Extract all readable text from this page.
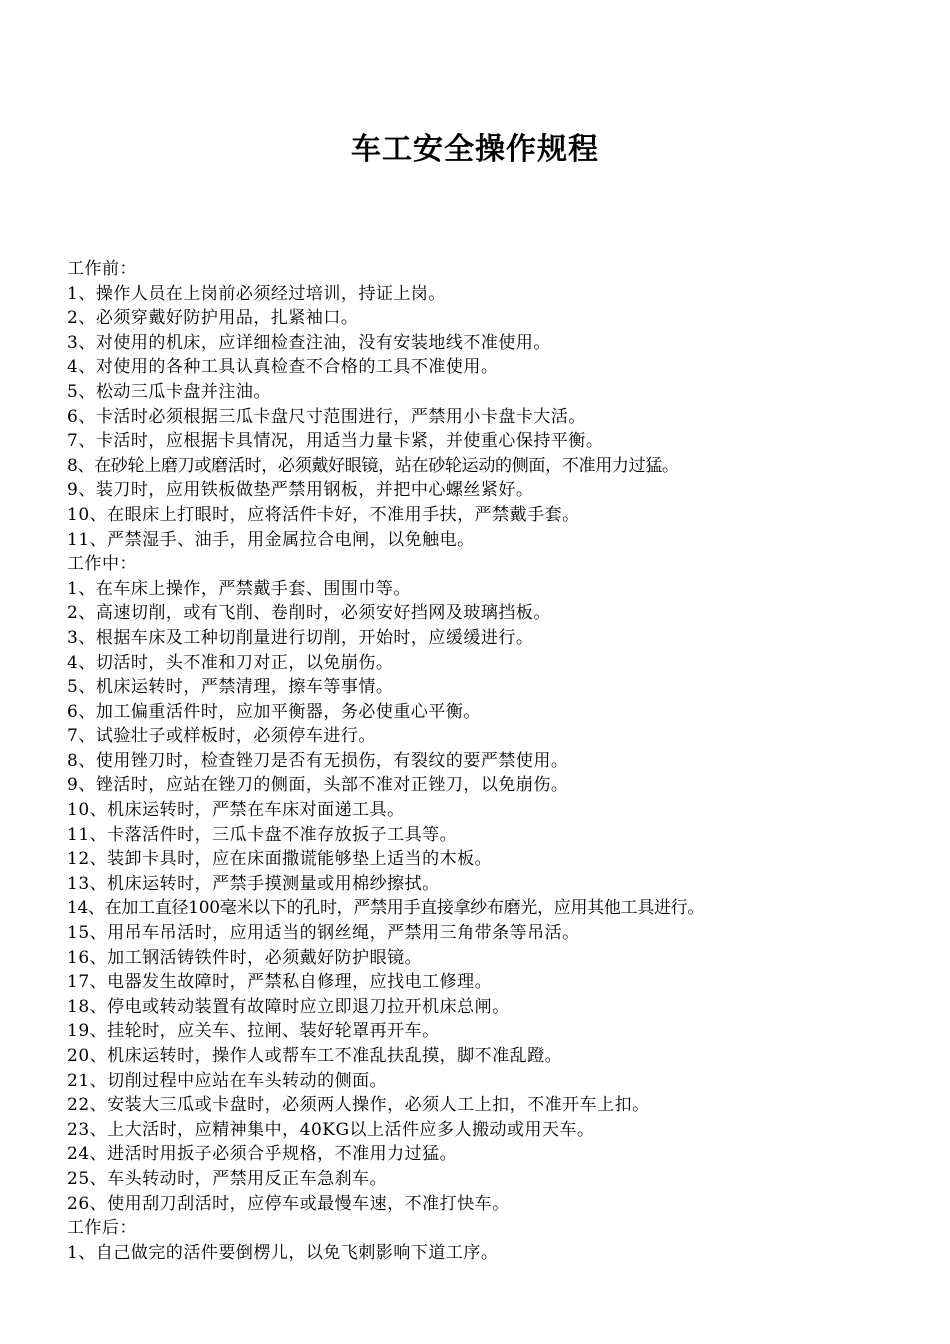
车工安全操作规程
工作前：
1、操作人员在上岗前必须经过培训，持证上岗。
2、必须穿戴好防护用品，扎紧袖口。
3、对使用的机床，应详细检查注油，没有安装地线不准使用。
4、对使用的各种工具认真检查不合格的工具不准使用。
5、松动三瓜卡盘并注油。
6、卡活时必须根据三瓜卡盘尺寸范围进行，严禁用小卡盘卡大活。
7、卡活时，应根据卡具情况，用适当力量卡紧，并使重心保持平衡。
8、在砂轮上磨刀或磨活时，必须戴好眼镜，站在砂轮运动的侧面，不准用力过猛。
9、装刀时，应用铁板做垫严禁用钢板，并把中心螺丝紧好。
10、在眼床上打眼时，应将活件卡好，不准用手扶，严禁戴手套。
11、严禁湿手、油手，用金属拉合电闸，以免触电。
工作中：
1、在车床上操作，严禁戴手套、围围巾等。
2、高速切削，或有飞削、卷削时，必须安好挡网及玻璃挡板。
3、根据车床及工种切削量进行切削，开始时，应缓缓进行。
4、切活时，头不准和刀对正，以免崩伤。
5、机床运转时，严禁清理，擦车等事情。
6、加工偏重活件时，应加平衡器，务必使重心平衡。
7、试验壮子或样板时，必须停车进行。
8、使用锉刀时，检查锉刀是否有无损伤，有裂纹的要严禁使用。
9、锉活时，应站在锉刀的侧面，头部不准对正锉刀，以免崩伤。
10、机床运转时，严禁在车床对面递工具。
11、卡落活件时，三瓜卡盘不准存放扳子工具等。
12、装卸卡具时，应在床面撒谎能够垫上适当的木板。
13、机床运转时，严禁手摸测量或用棉纱擦拭。
14、在加工直径100毫米以下的孔时，严禁用手直接拿纱布磨光，应用其他工具进行。
15、用吊车吊活时，应用适当的钢丝绳，严禁用三角带条等吊活。
16、加工钢活铸铁件时，必须戴好防护眼镜。
17、电器发生故障时，严禁私自修理，应找电工修理。
18、停电或转动装置有故障时应立即退刀拉开机床总闸。
19、挂轮时，应关车、拉闸、装好轮罩再开车。
20、机床运转时，操作人或帮车工不准乱扶乱摸，脚不准乱蹬。
21、切削过程中应站在车头转动的侧面。
22、安装大三瓜或卡盘时，必须两人操作，必须人工上扣，不准开车上扣。
23、上大活时，应精神集中，40KG以上活件应多人搬动或用天车。
24、进活时用扳子必须合乎规格，不准用力过猛。
25、车头转动时，严禁用反正车急刹车。
26、使用刮刀刮活时，应停车或最慢车速，不准打快车。
工作后：
1、自己做完的活件要倒楞儿，以免飞刺影响下道工序。
